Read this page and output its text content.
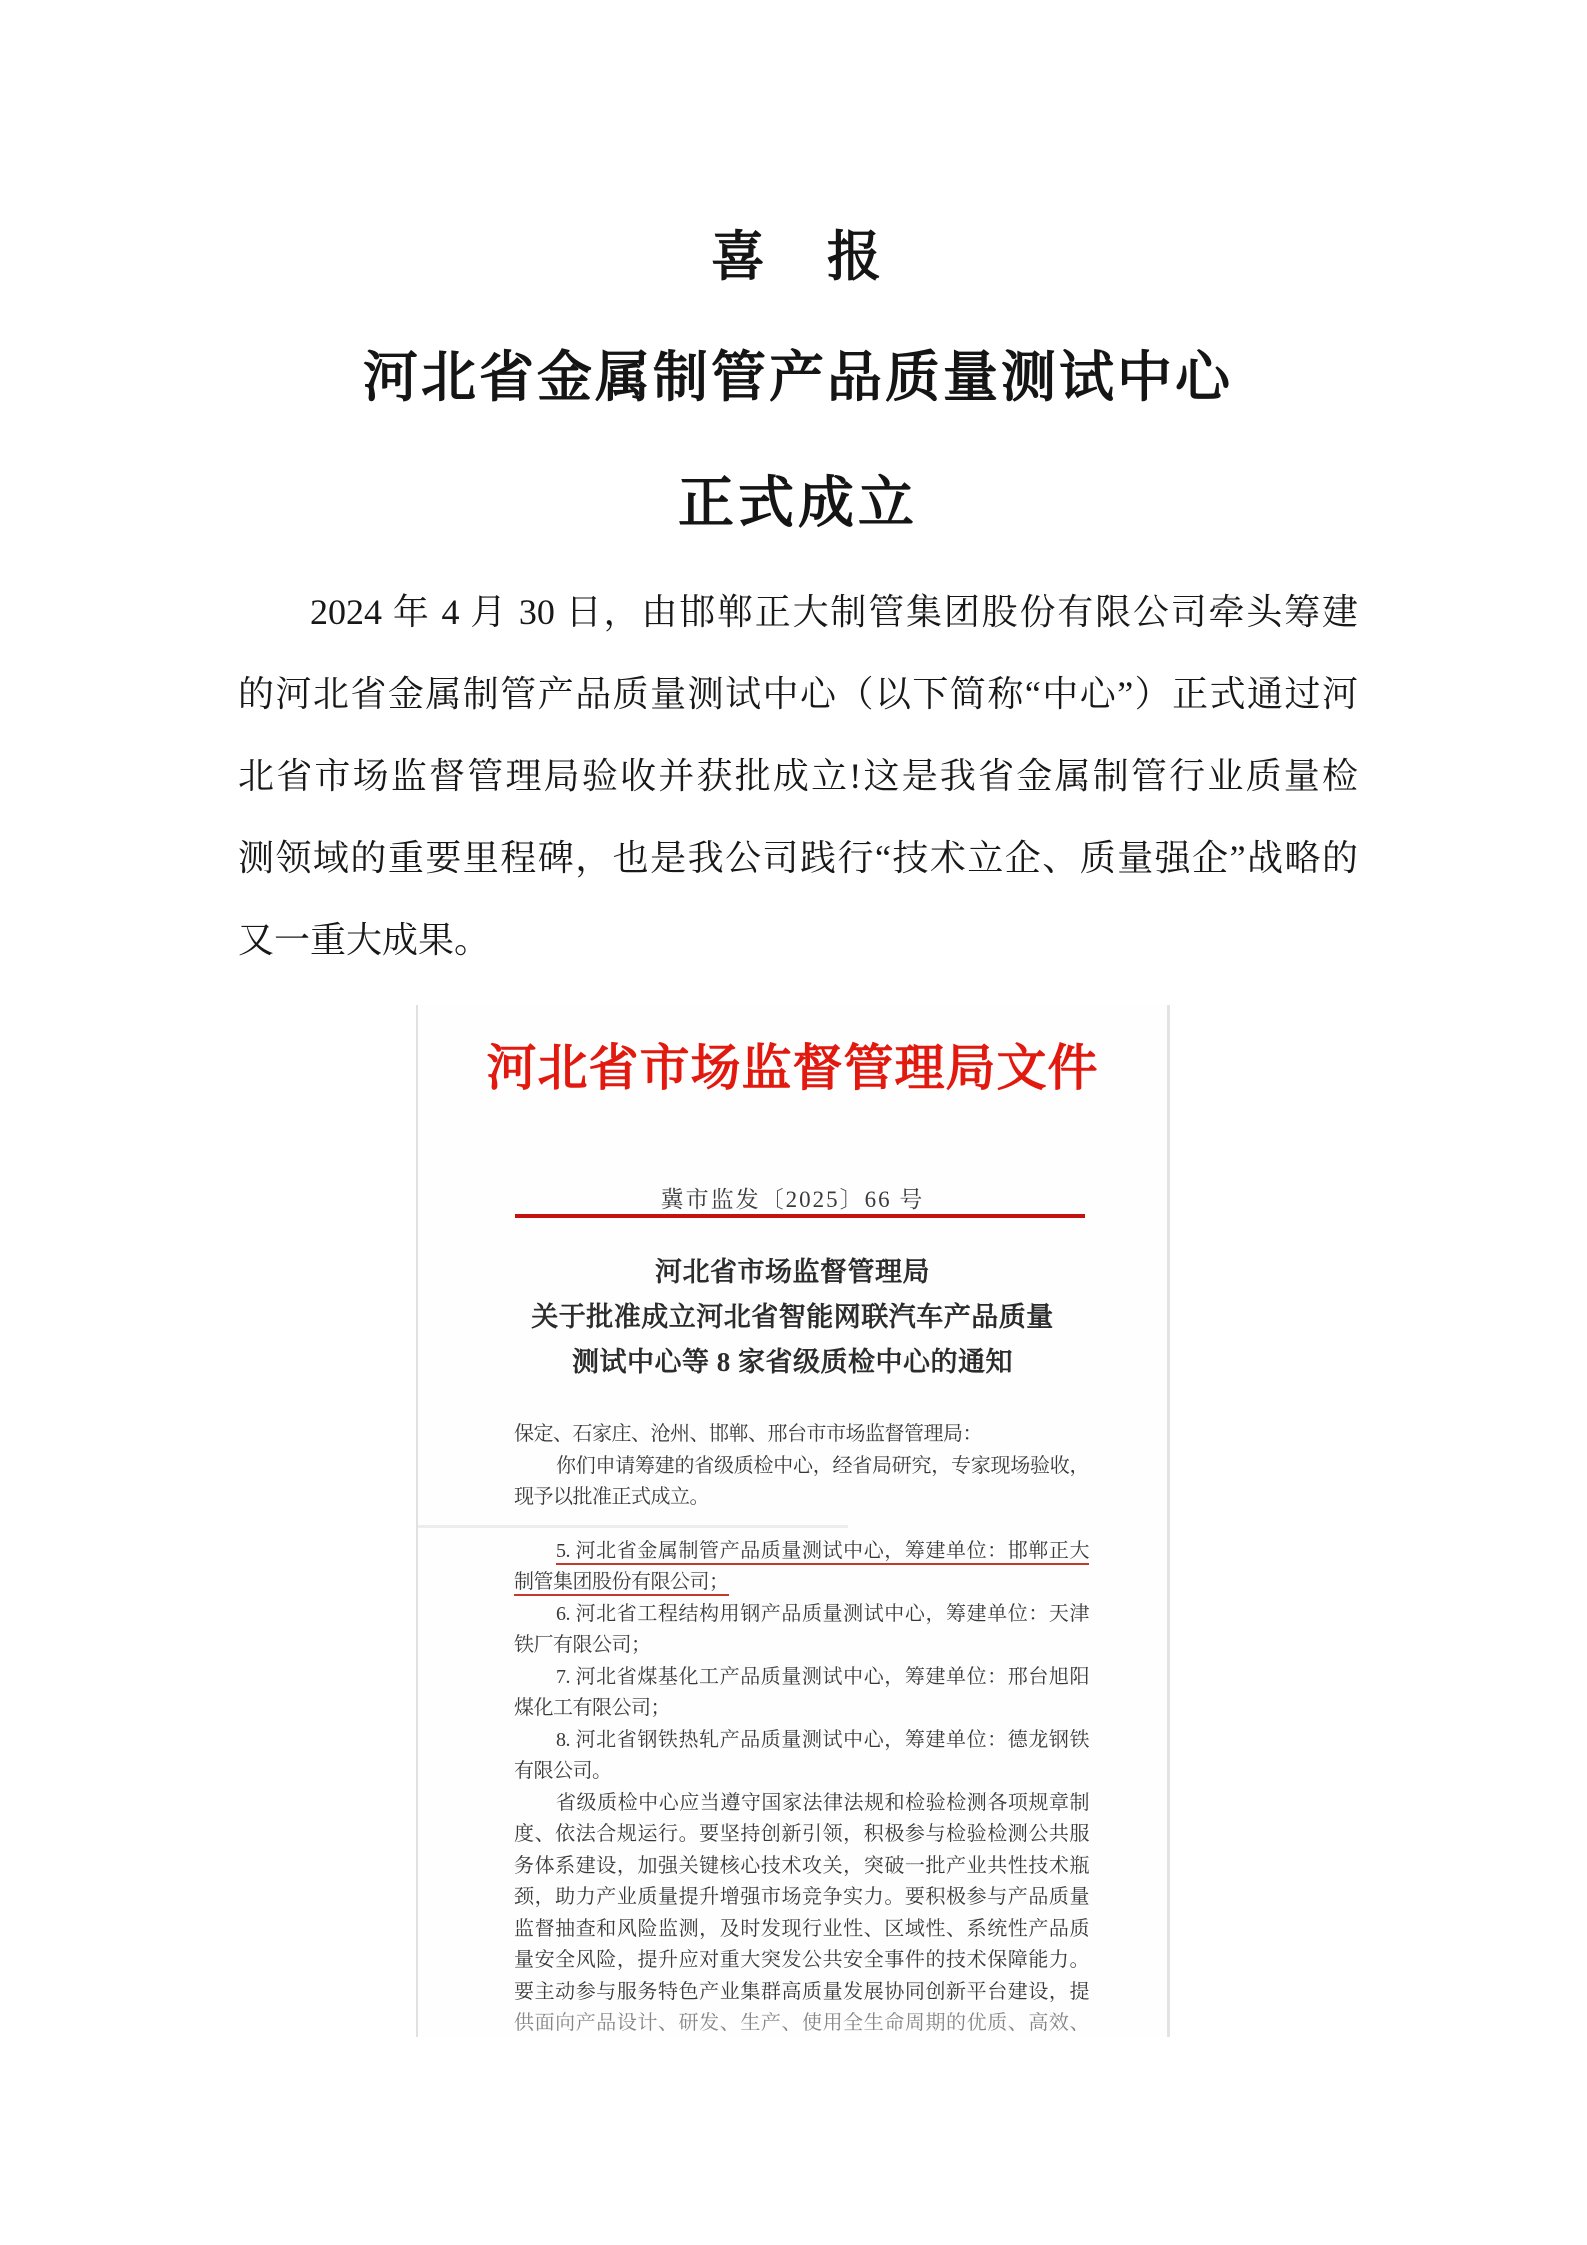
喜　报
河北省金属制管产品质量测试中心
正式成立
2024 年 4 月 30 日，由邯郸正大制管集团股份有限公司牵头筹建
的河北省金属制管产品质量测试中心（以下简称“中心”）正式通过河
北省市场监督管理局验收并获批成立!这是我省金属制管行业质量检
测领域的重要里程碑，也是我公司践行“技术立企、质量强企”战略的
又一重大成果。
河北省市场监督管理局文件
冀市监发〔2025〕66 号
河北省市场监督管理局
关于批准成立河北省智能网联汽车产品质量
测试中心等 8 家省级质检中心的通知
保定、石家庄、沧州、邯郸、邢台市市场监督管理局：
你们申请筹建的省级质检中心，经省局研究，专家现场验收，
现予以批准正式成立。
5. 河北省金属制管产品质量测试中心，筹建单位：邯郸正大
制管集团股份有限公司；
6. 河北省工程结构用钢产品质量测试中心，筹建单位：天津
铁厂有限公司；
7. 河北省煤基化工产品质量测试中心，筹建单位：邢台旭阳
煤化工有限公司；
8. 河北省钢铁热轧产品质量测试中心，筹建单位：德龙钢铁
有限公司。
省级质检中心应当遵守国家法律法规和检验检测各项规章制
度、依法合规运行。要坚持创新引领，积极参与检验检测公共服
务体系建设，加强关键核心技术攻关，突破一批产业共性技术瓶
颈，助力产业质量提升增强市场竞争实力。要积极参与产品质量
监督抽查和风险监测，及时发现行业性、区域性、系统性产品质
量安全风险，提升应对重大突发公共安全事件的技术保障能力。
要主动参与服务特色产业集群高质量发展协同创新平台建设，提
供面向产品设计、研发、生产、使用全生命周期的优质、高效、
